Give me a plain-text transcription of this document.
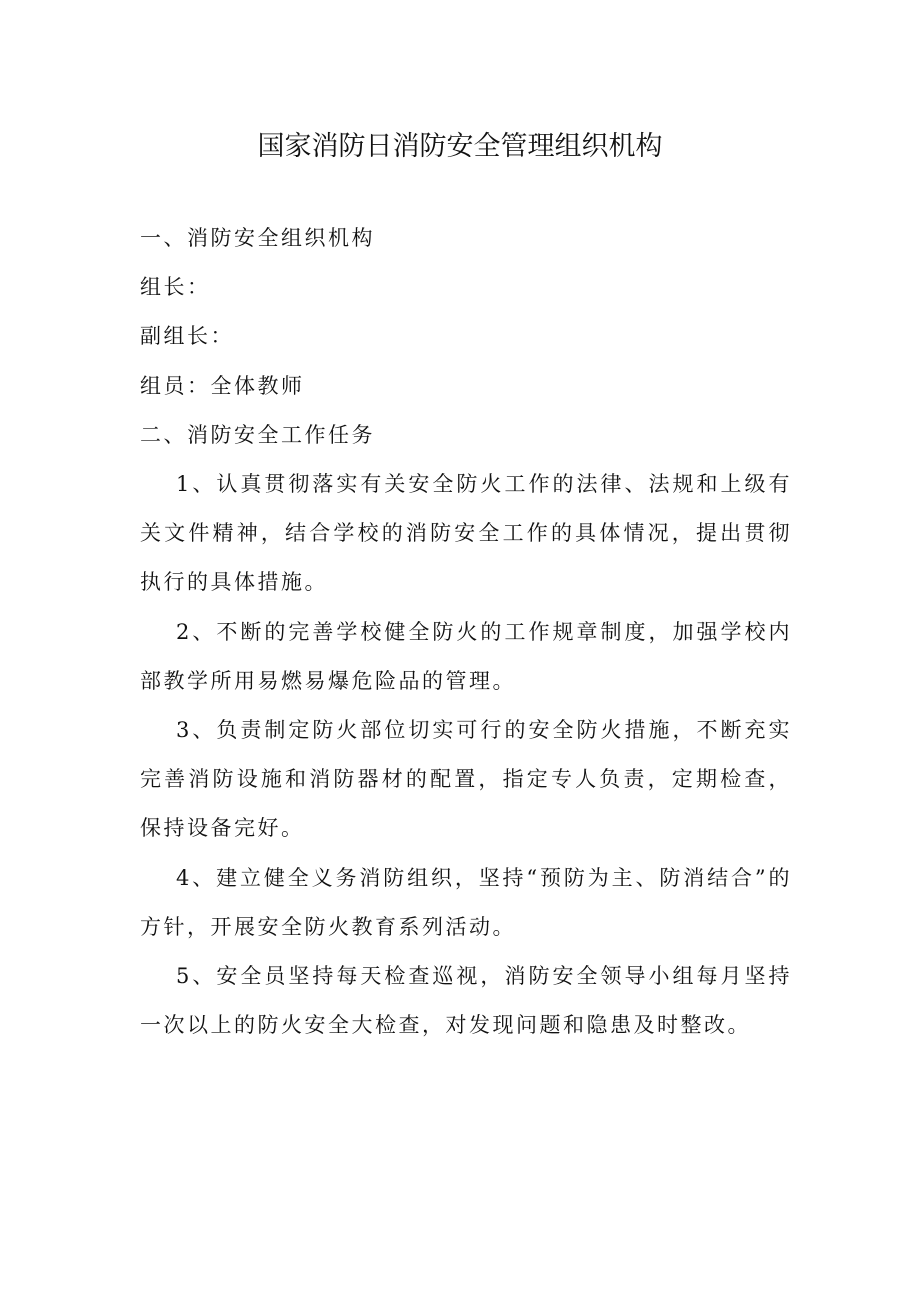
国家消防日消防安全管理组织机构

一、消防安全组织机构

组长：

副组长：

组员：全体教师

二、消防安全工作任务

1、认真贯彻落实有关安全防火工作的法律、法规和上级有关文件精神，结合学校的消防安全工作的具体情况，提出贯彻执行的具体措施。

2、不断的完善学校健全防火的工作规章制度，加强学校内部教学所用易燃易爆危险品的管理。

3、负责制定防火部位切实可行的安全防火措施，不断充实完善消防设施和消防器材的配置，指定专人负责，定期检查，保持设备完好。

4、建立健全义务消防组织，坚持“预防为主、防消结合”的方针，开展安全防火教育系列活动。

5、安全员坚持每天检查巡视，消防安全领导小组每月坚持一次以上的防火安全大检查，对发现问题和隐患及时整改。
